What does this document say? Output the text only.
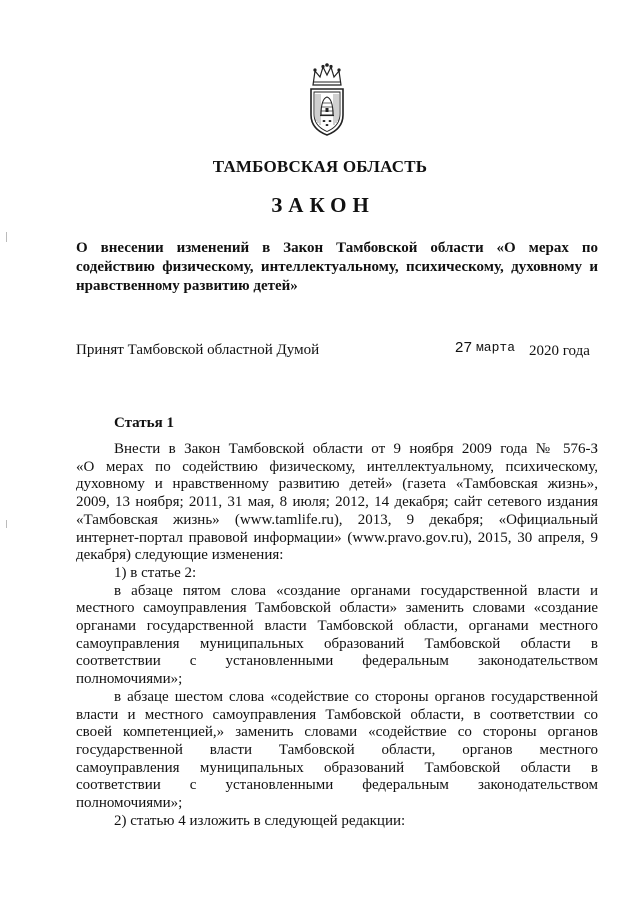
ТАМБОВСКАЯ ОБЛАСТЬ
ЗАКОН
О внесении изменений в Закон Тамбовской области «О мерах по
содействию физическому, интеллектуальному, психическому, духовному и
нравственному развитию детей»
Принят Тамбовской областной Думой	27 марта 2020 года
Статья 1
Внести в Закон Тамбовской области от 9 ноября 2009 года № 576-З
«О мерах по содействию физическому, интеллектуальному, психическому,
духовному и нравственному развитию детей» (газета «Тамбовская жизнь»,
2009, 13 ноября; 2011, 31 мая, 8 июля; 2012, 14 декабря; сайт сетевого издания
«Тамбовская жизнь» (www.tamlife.ru), 2013, 9 декабря; «Официальный
интернет-портал правовой информации» (www.pravo.gov.ru), 2015, 30 апреля, 9
декабря) следующие изменения:
1) в статье 2:
в абзаце пятом слова «создание органами государственной власти и
местного самоуправления Тамбовской области» заменить словами «создание
органами государственной власти Тамбовской области, органами местного
самоуправления муниципальных образований Тамбовской области в
соответствии с установленными федеральным законодательством
полномочиями»;
в абзаце шестом слова «содействие со стороны органов государственной
власти и местного самоуправления Тамбовской области, в соответствии со
своей компетенцией,» заменить словами «содействие со стороны органов
государственной власти Тамбовской области, органов местного
самоуправления муниципальных образований Тамбовской области в
соответствии с установленными федеральным законодательством
полномочиями»;
2) статью 4 изложить в следующей редакции:
